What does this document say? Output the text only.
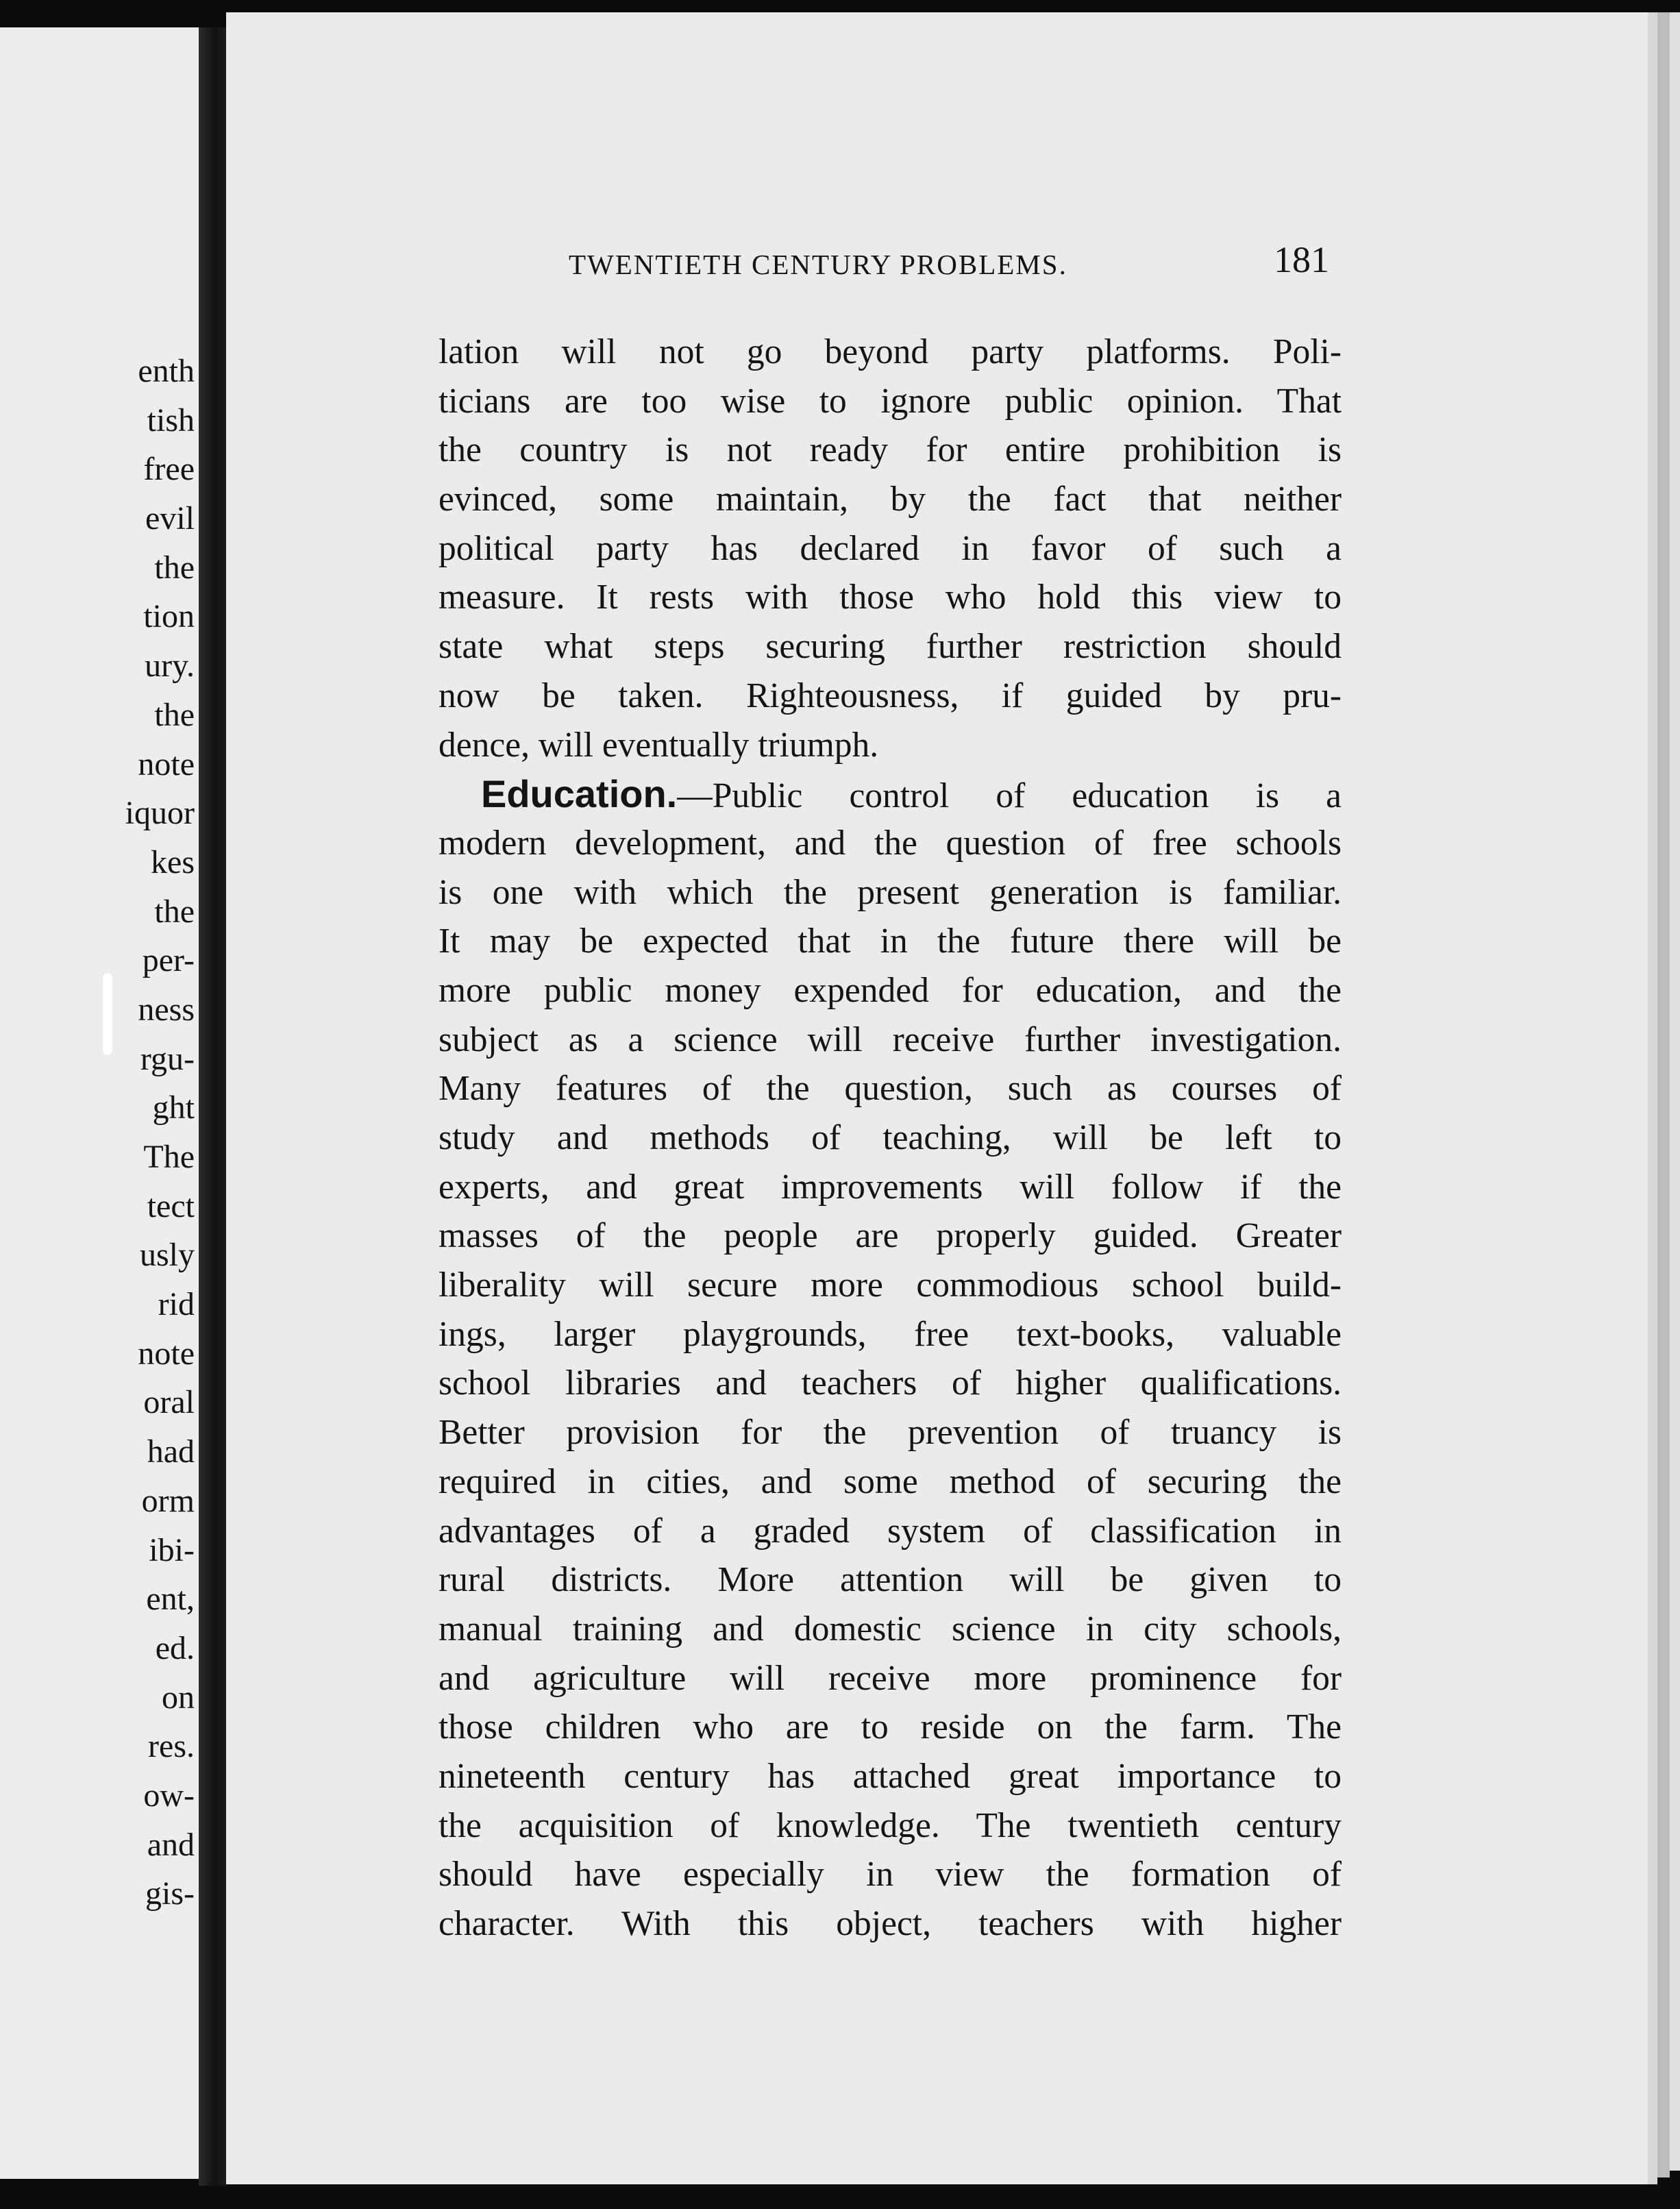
enth
tish
free
evil
the
tion
ury.
the
note
iquor
kes
the
per-
ness
rgu-
ght
The
tect
usly
rid
note
oral
had
orm
ibi-
ent,
ed.
on
res.
ow-
and
gis-
TWENTIETH CENTURY PROBLEMS.	181
lation will not go beyond party platforms. Poli-
ticians are too wise to ignore public opinion. That
the country is not ready for entire prohibition is
evinced, some maintain, by the fact that neither
political party has declared in favor of such a
measure. It rests with those who hold this view to
state what steps securing further restriction should
now be taken. Righteousness, if guided by pru-
dence, will eventually triumph.
Education.—Public control of education is a
modern development, and the question of free schools
is one with which the present generation is familiar.
It may be expected that in the future there will be
more public money expended for education, and the
subject as a science will receive further investigation.
Many features of the question, such as courses of
study and methods of teaching, will be left to
experts, and great improvements will follow if the
masses of the people are properly guided. Greater
liberality will secure more commodious school build-
ings, larger playgrounds, free text-books, valuable
school libraries and teachers of higher qualifications.
Better provision for the prevention of truancy is
required in cities, and some method of securing the
advantages of a graded system of classification in
rural districts. More attention will be given to
manual training and domestic science in city schools,
and agriculture will receive more prominence for
those children who are to reside on the farm. The
nineteenth century has attached great importance to
the acquisition of knowledge. The twentieth century
should have especially in view the formation of
character. With this object, teachers with higher
